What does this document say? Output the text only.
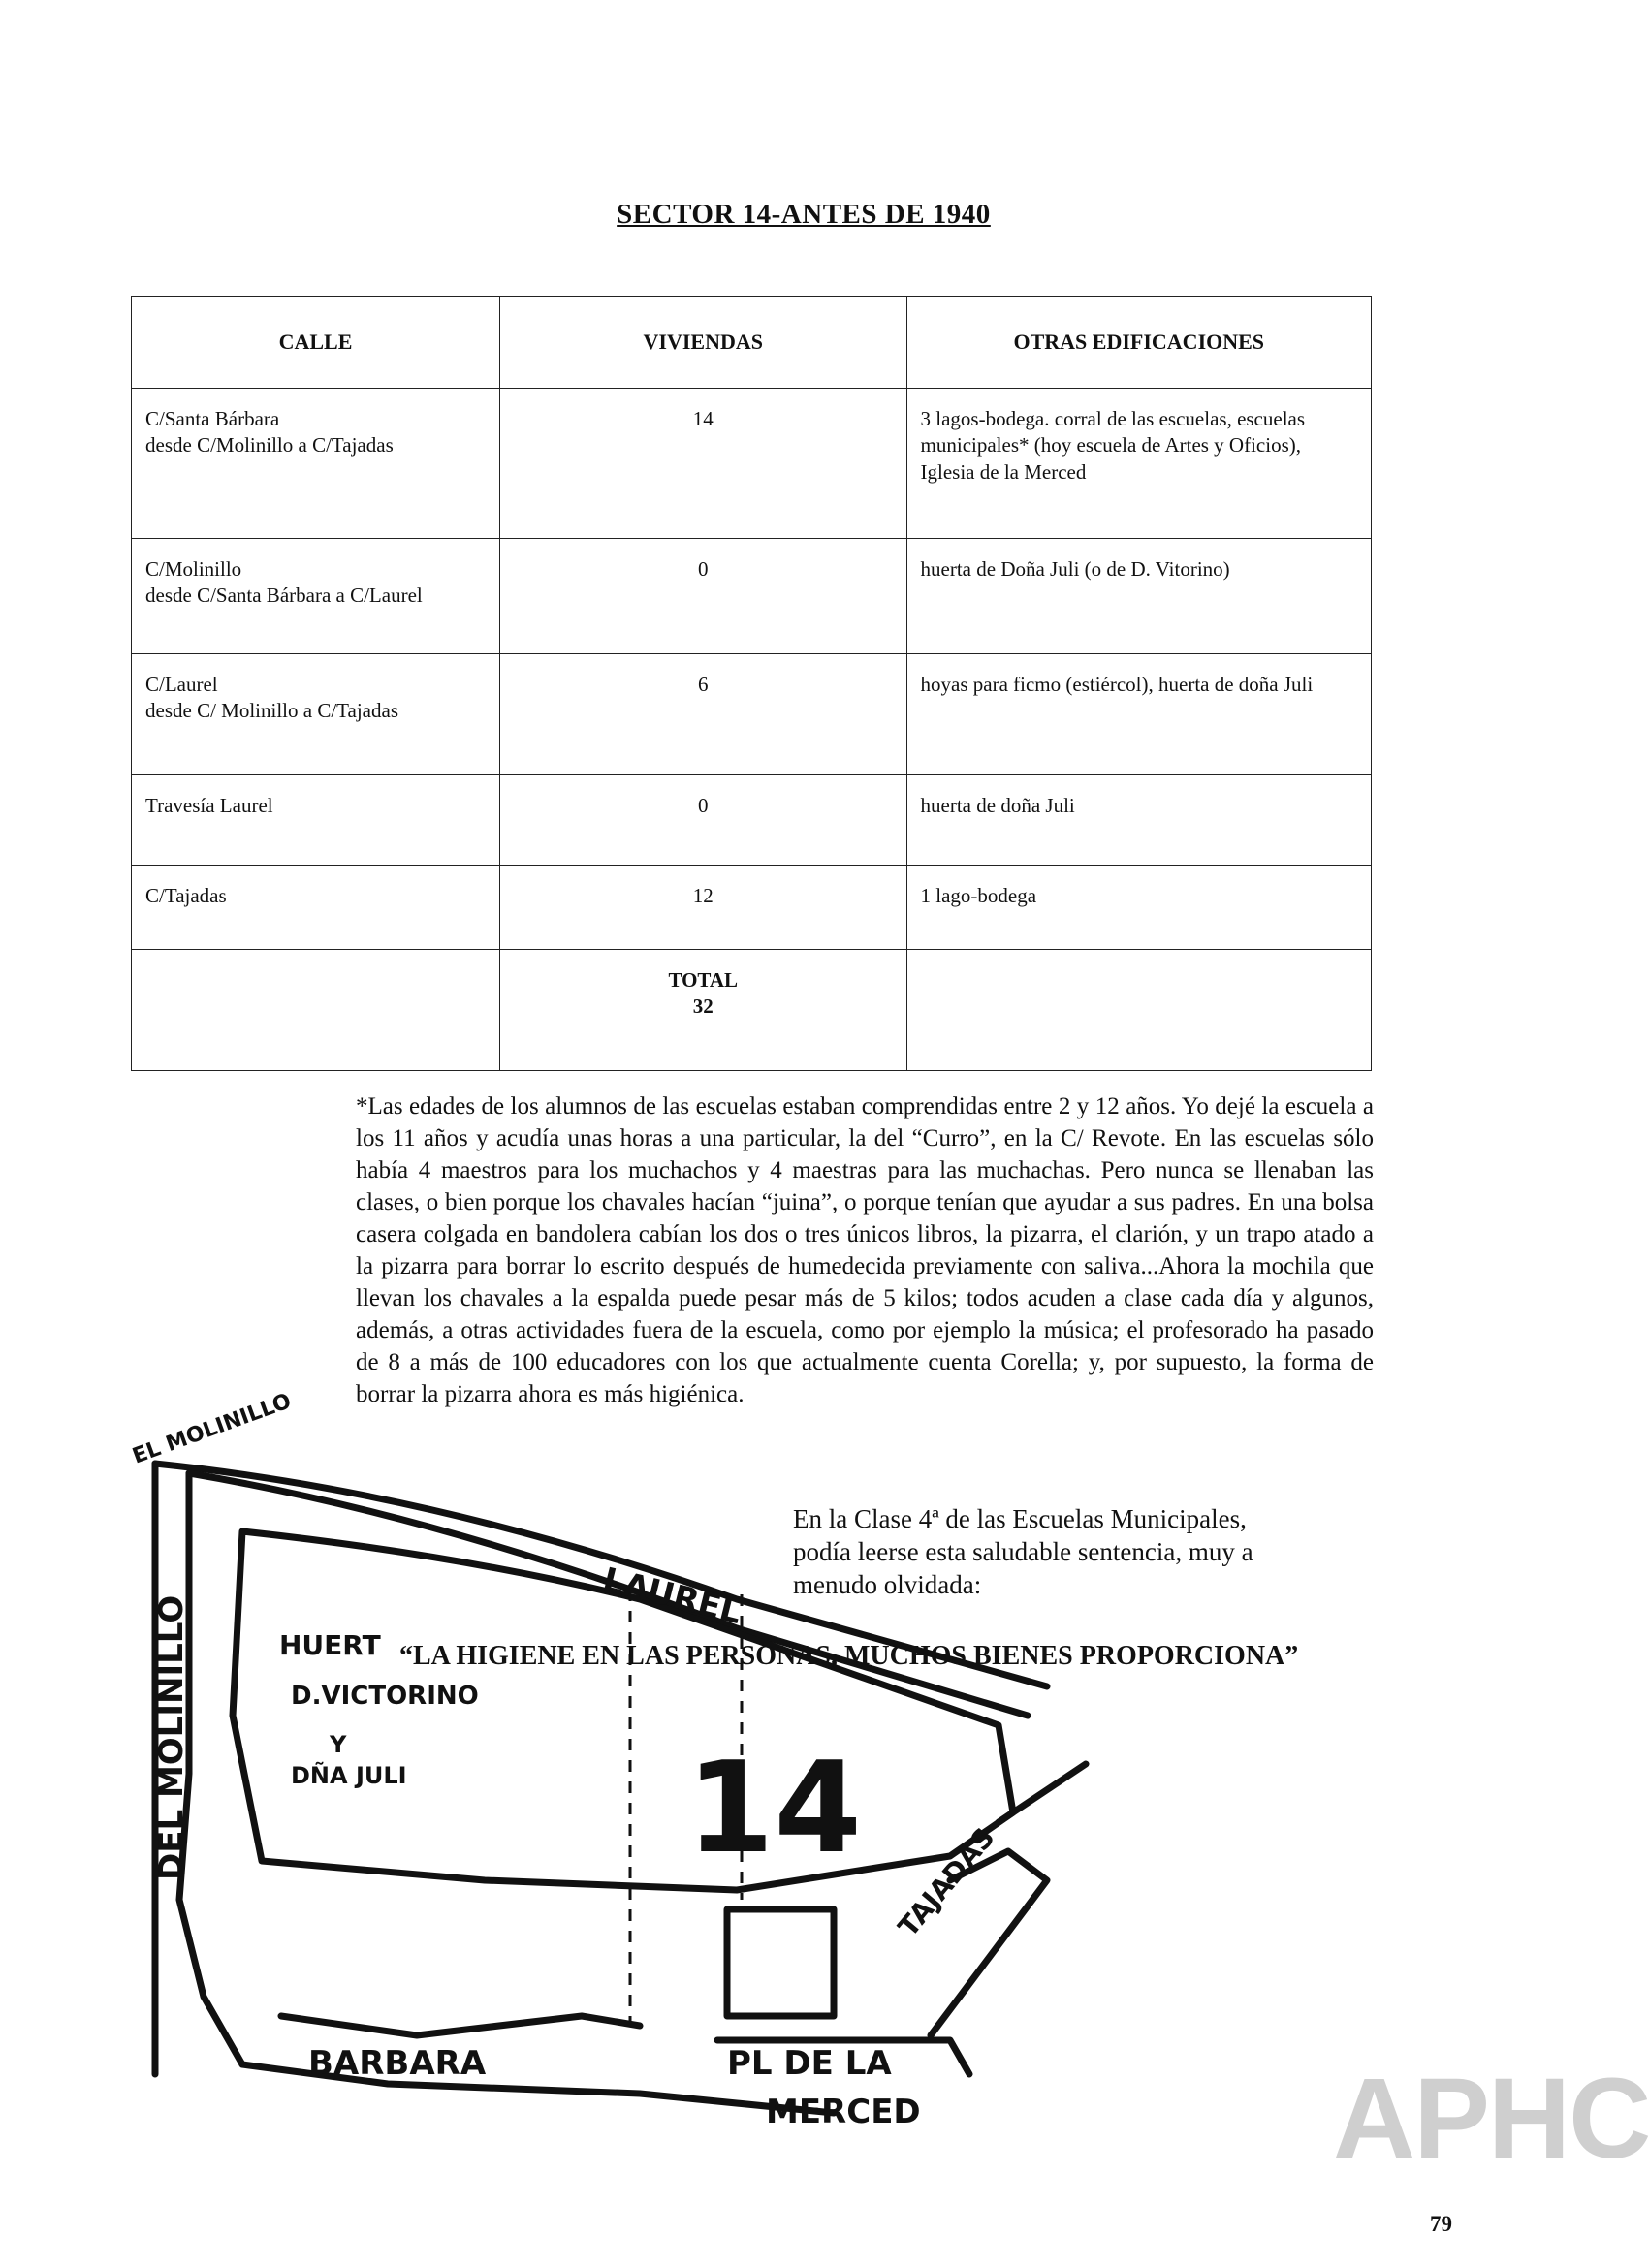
SECTOR 14-ANTES DE 1940
CALLE	VIVIENDAS	OTRAS EDIFICACIONES
C/Santa Bárbara
desde C/Molinillo a C/Tajadas	14	3 lagos-bodega. corral de las escuelas, escuelas municipales* (hoy escuela de Artes y Oficios), Iglesia de la Merced
C/Molinillo
desde C/Santa Bárbara a C/Laurel	0	huerta de Doña Juli (o de D. Vitorino)
C/Laurel
desde C/ Molinillo a C/Tajadas	6	hoyas para ficmo (estiércol), huerta de doña Juli
Travesía Laurel	0	huerta de doña Juli
C/Tajadas	12	1 lago-bodega
	TOTAL
32	
*Las edades de los alumnos de las escuelas estaban comprendidas entre 2 y 12 años. Yo dejé la escuela a los 11 años y acudía unas horas a una particular, la del “Curro”, en la C/ Revote. En las escuelas sólo había 4 maestros para los muchachos y 4 maestras para las muchachas. Pero nunca se llenaban las clases, o bien porque los chavales hacían “juina”, o porque tenían que ayudar a sus padres. En una bolsa casera colgada en bandolera cabían los dos o tres únicos libros, la pizarra, el clarión, y un trapo atado a la pizarra para borrar lo escrito después de humedecida previamente con saliva...Ahora la mochila que llevan los chavales a la espalda puede pesar más de 5 kilos; todos acuden a clase cada día y algunos, además, a otras actividades fuera de la escuela, como por ejemplo la música; el profesorado ha pasado de 8 a más de 100 educadores con los que actualmente cuenta Corella; y, por supuesto, la forma de borrar la pizarra ahora es más higiénica.
EL MOLINILLO
DEL MOLINILLO	LAUREL
HUERT
D.VICTORINO
Y
DÑA JULI 14
TAJADAS
BARBARA	PL DE LA
MERCED

En la Clase 4ª de las Escuelas Municipales,

podía leerse esta saludable sentencia, muy a

menudo olvidada:

“LA HIGIENE EN LAS PERSONAS, MUCHOS BIENES PROPORCIONA”
APHC
79
